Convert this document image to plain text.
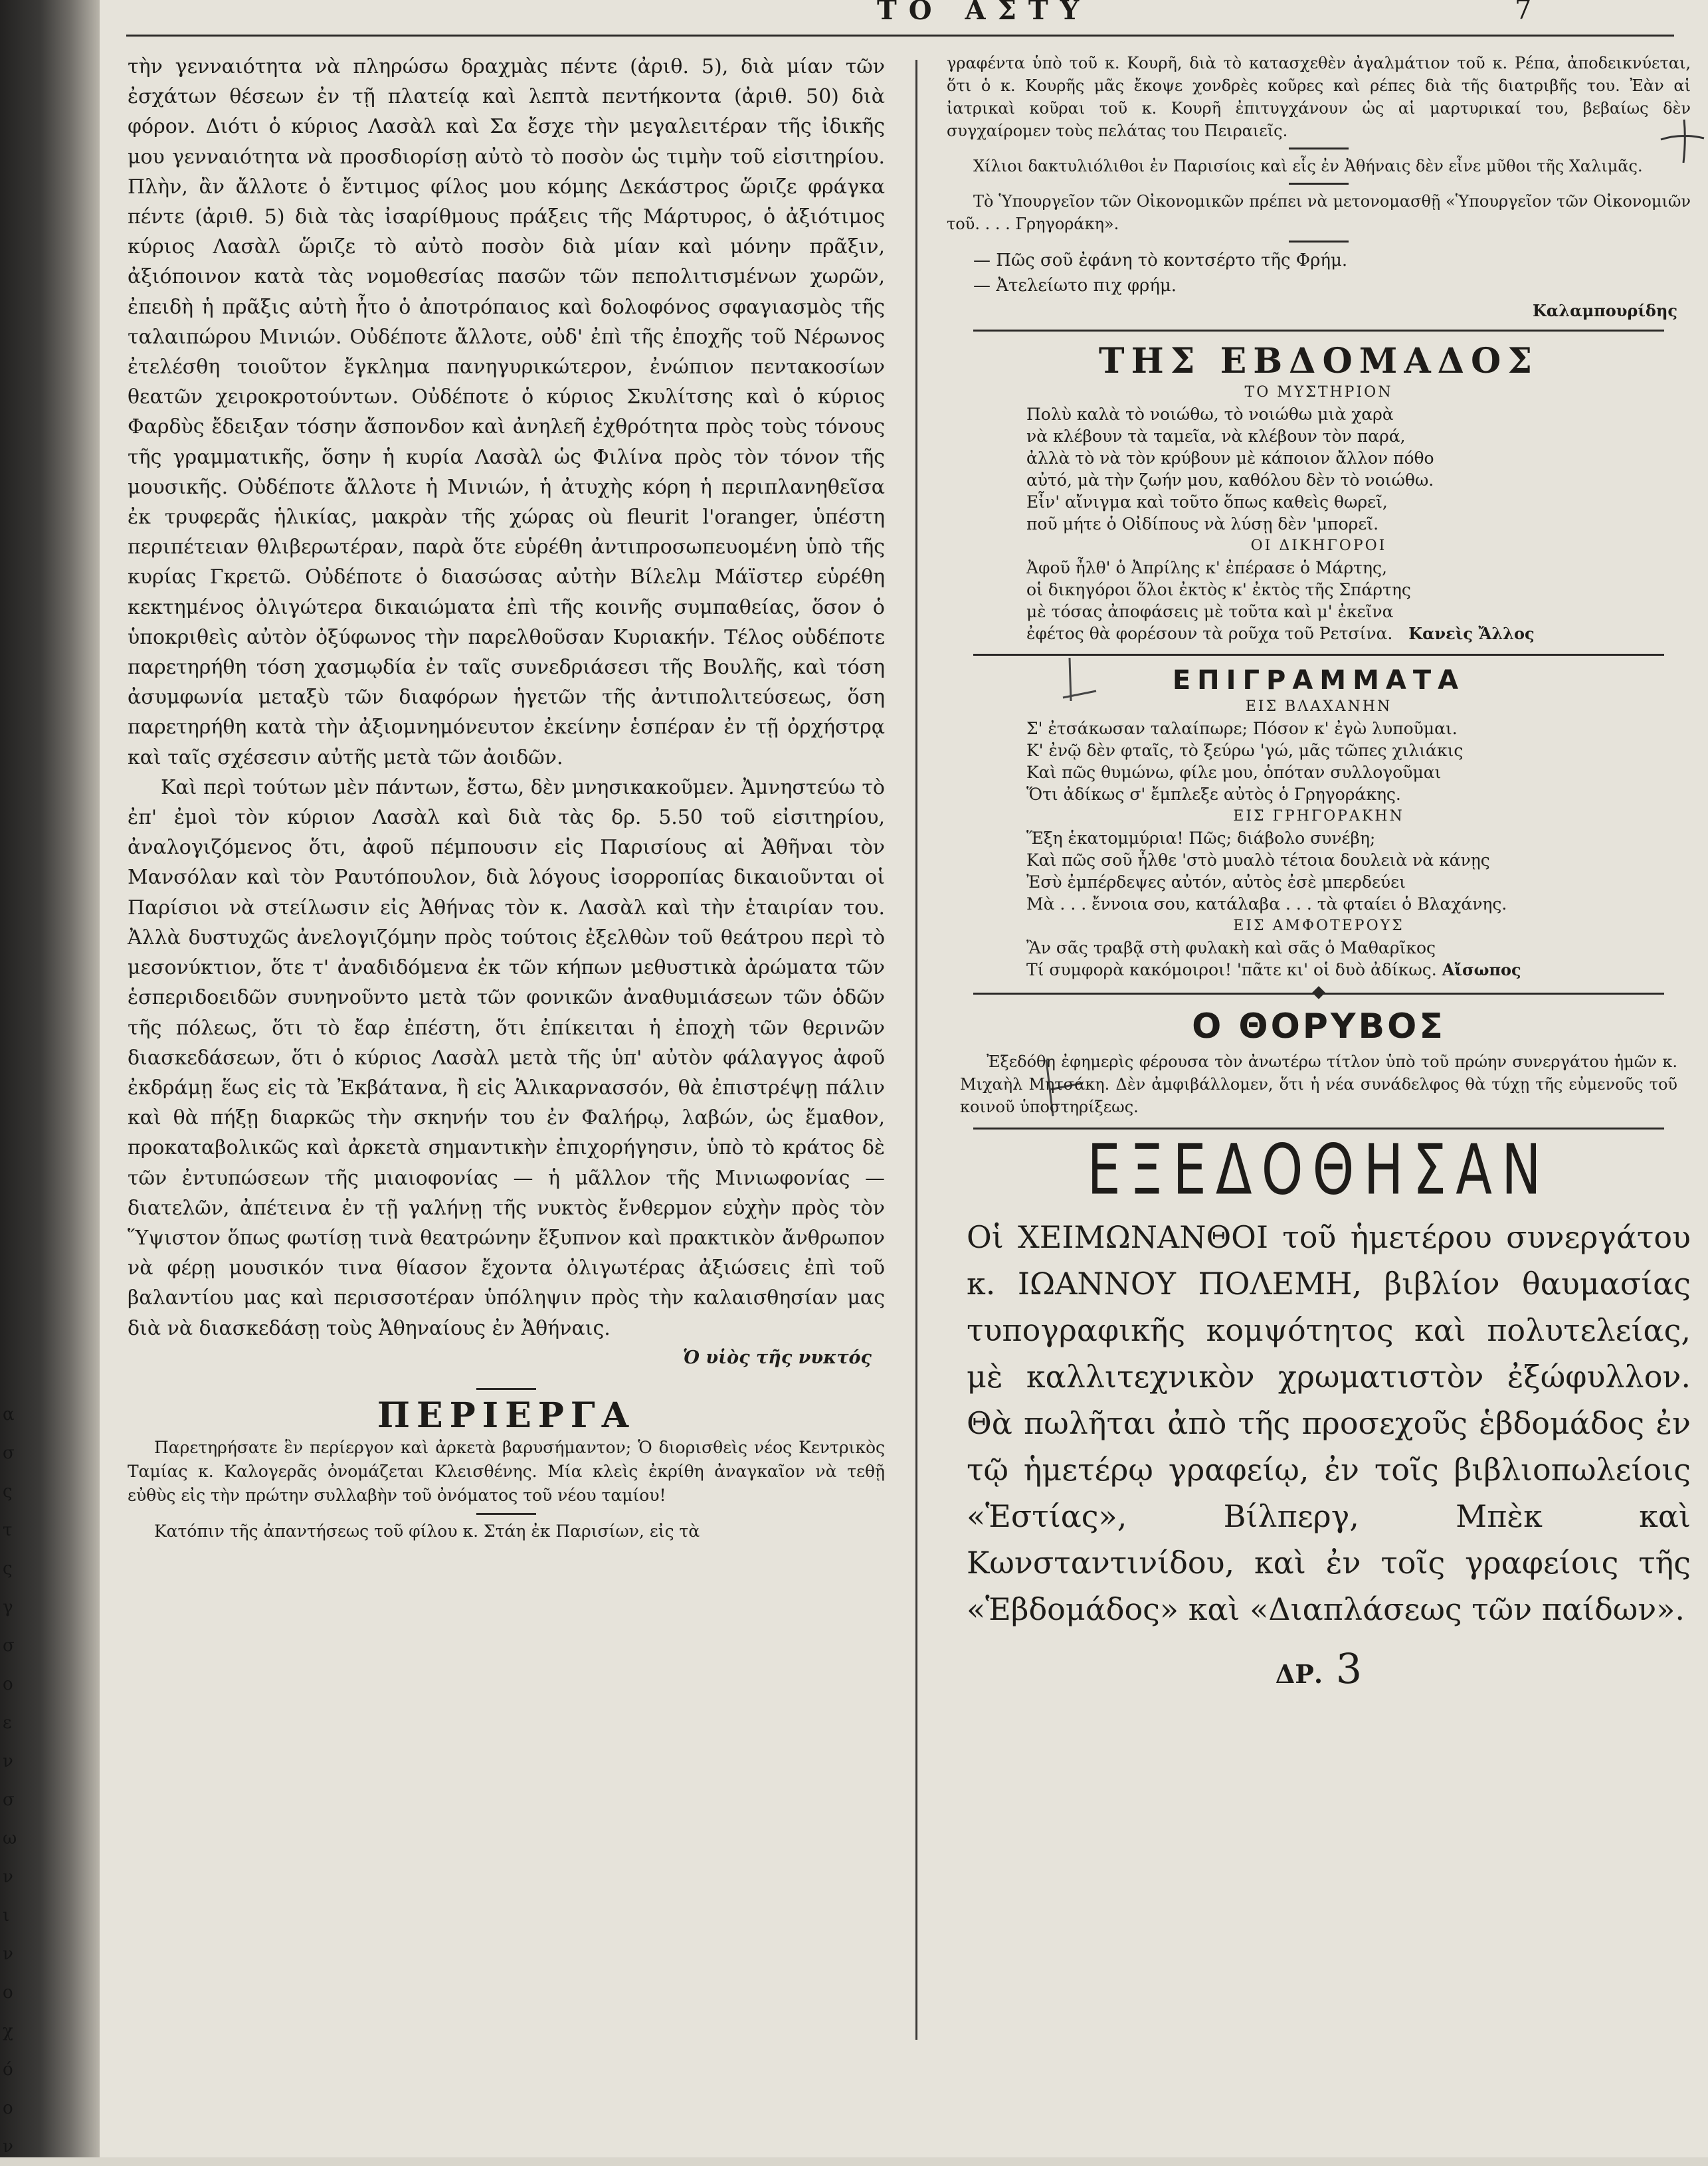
α
σ
ς
τ
ς
γ
σ
ο
ε
ν
σ
ω
ν
ι
ν
ο
χ
ό
ο
ν
ΤΟ ΑΣΤΥ	7

τὴν γενναιότητα νὰ πληρώσω δραχμὰς πέντε (ἀριθ. 5), διὰ μίαν τῶν ἐσχάτων θέσεων ἐν τῇ πλατείᾳ καὶ λεπτὰ πεντήκοντα (ἀριθ. 50) διὰ φόρον. Διότι ὁ κύριος Λασὰλ καὶ Σα ἔσχε τὴν μεγαλειτέραν τῆς ἰδικῆς μου γενναιότητα νὰ προσδιορίσῃ αὐτὸ τὸ ποσὸν ὡς τιμὴν τοῦ εἰσιτηρίου. Πλὴν, ἂν ἄλλοτε ὁ ἔντιμος φίλος μου κόμης Δεκάστρος ὥριζε φράγκα πέντε (ἀριθ. 5) διὰ τὰς ἰσαρίθμους πράξεις τῆς Μάρτυρος, ὁ ἀξιότιμος κύριος Λασὰλ ὥριζε τὸ αὐτὸ ποσὸν διὰ μίαν καὶ μόνην πρᾶξιν, ἀξιόποινον κατὰ τὰς νομοθεσίας πασῶν τῶν πεπολιτισμένων χωρῶν, ἐπειδὴ ἡ πρᾶξις αὐτὴ ἦτο ὁ ἀποτρόπαιος καὶ δολοφόνος σφαγιασμὸς τῆς ταλαιπώρου Μινιών. Οὐδέποτε ἄλλοτε, οὐδ' ἐπὶ τῆς ἐποχῆς τοῦ Νέρωνος ἐτελέσθη τοιοῦτον ἔγκλημα πανηγυρικώτερον, ἐνώπιον πεντακοσίων θεατῶν χειροκροτούντων. Οὐδέποτε ὁ κύριος Σκυλίτσης καὶ ὁ κύριος Φαρδὺς ἔδειξαν τόσην ἄσπονδον καὶ ἀνηλεῆ ἐχθρότητα πρὸς τοὺς τόνους τῆς γραμματικῆς, ὅσην ἡ κυρία Λασὰλ ὡς Φιλίνα πρὸς τὸν τόνον τῆς μουσικῆς. Οὐδέποτε ἄλλοτε ἡ Μινιών, ἡ ἀτυχὴς κόρη ἡ περιπλανηθεῖσα ἐκ τρυφερᾶς ἡλικίας, μακρὰν τῆς χώρας où fleurit l'oranger, ὑπέστη περιπέτειαν θλιβερωτέραν, παρὰ ὅτε εὑρέθη ἀντιπροσωπευομένη ὑπὸ τῆς κυρίας Γκρετῶ. Οὐδέποτε ὁ διασώσας αὐτὴν Βίλελμ Μάϊστερ εὑρέθη κεκτημένος ὀλιγώτερα δικαιώματα ἐπὶ τῆς κοινῆς συμπαθείας, ὅσον ὁ ὑποκριθεὶς αὐτὸν ὀξύφωνος τὴν παρελθοῦσαν Κυριακήν. Τέλος οὐδέποτε παρετηρήθη τόση χασμῳδία ἐν ταῖς συνεδριάσεσι τῆς Βουλῆς, καὶ τόση ἀσυμφωνία μεταξὺ τῶν διαφόρων ἡγετῶν τῆς ἀντιπολιτεύσεως, ὅση παρετηρήθη κατὰ τὴν ἀξιομνημόνευτον ἐκείνην ἑσπέραν ἐν τῇ ὀρχήστρᾳ καὶ ταῖς σχέσεσιν αὐτῆς μετὰ τῶν ἀοιδῶν.

Καὶ περὶ τούτων μὲν πάντων, ἔστω, δὲν μνησικακοῦμεν. Ἀμνηστεύω τὸ ἐπ' ἐμοὶ τὸν κύριον Λασὰλ καὶ διὰ τὰς δρ. 5.50 τοῦ εἰσιτηρίου, ἀναλογιζόμενος ὅτι, ἀφοῦ πέμπουσιν εἰς Παρισίους αἱ Ἀθῆναι τὸν Μανσόλαν καὶ τὸν Ραυτόπουλον, διὰ λόγους ἰσορροπίας δικαιοῦνται οἱ Παρίσιοι νὰ στείλωσιν εἰς Ἀθήνας τὸν κ. Λασὰλ καὶ τὴν ἑταιρίαν του. Ἀλλὰ δυστυχῶς ἀνελογιζόμην πρὸς τούτοις ἐξελθὼν τοῦ θεάτρου περὶ τὸ μεσονύκτιον, ὅτε τ' ἀναδιδόμενα ἐκ τῶν κήπων μεθυστικὰ ἀρώματα τῶν ἑσπεριδοειδῶν συνηνοῦντο μετὰ τῶν φονικῶν ἀναθυμιάσεων τῶν ὁδῶν τῆς πόλεως, ὅτι τὸ ἔαρ ἐπέστη, ὅτι ἐπίκειται ἡ ἐποχὴ τῶν θερινῶν διασκεδάσεων, ὅτι ὁ κύριος Λασὰλ μετὰ τῆς ὑπ' αὐτὸν φάλαγγος ἀφοῦ ἐκδράμῃ ἕως εἰς τὰ Ἐκβάτανα, ἢ εἰς Ἁλικαρνασσόν, θὰ ἐπιστρέψῃ πάλιν καὶ θὰ πήξῃ διαρκῶς τὴν σκηνήν του ἐν Φαλήρῳ, λαβών, ὡς ἔμαθον, προκαταβολικῶς καὶ ἀρκετὰ σημαντικὴν ἐπιχορήγησιν, ὑπὸ τὸ κράτος δὲ τῶν ἐντυπώσεων τῆς μιαιοφονίας — ἡ μᾶλλον τῆς Μινιωφονίας — διατελῶν, ἀπέτεινα ἐν τῇ γαλήνῃ τῆς νυκτὸς ἔνθερμον εὐχὴν πρὸς τὸν Ὕψιστον ὅπως φωτίσῃ τινὰ θεατρώνην ἔξυπνον καὶ πρακτικὸν ἄνθρωπον νὰ φέρῃ μουσικόν τινα θίασον ἔχοντα ὀλιγωτέρας ἀξιώσεις ἐπὶ τοῦ βαλαντίου μας καὶ περισσοτέραν ὑπόληψιν πρὸς τὴν καλαισθησίαν μας διὰ νὰ διασκεδάσῃ τοὺς Ἀθηναίους ἐν Ἀθήναις.

Ὁ υἱὸς τῆς νυκτός

ΠΕΡΙΕΡΓΑ

Παρετηρήσατε ἓν περίεργον καὶ ἀρκετὰ βαρυσήμαντον; Ὁ διορισθεὶς νέος Κεντρικὸς Ταμίας κ. Καλογερᾶς ὀνομάζεται Κλεισθένης. Μία κλεὶς ἐκρίθη ἀναγκαῖον νὰ τεθῇ εὐθὺς εἰς τὴν πρώτην συλλαβὴν τοῦ ὀνόματος τοῦ νέου ταμίου!

Κατόπιν τῆς ἀπαντήσεως τοῦ φίλου κ. Στάη ἐκ Παρισίων, εἰς τὰ

γραφέντα ὑπὸ τοῦ κ. Κουρῆ, διὰ τὸ κατασχεθὲν ἀγαλμάτιον τοῦ κ. Ρέπα, ἀποδεικνύεται, ὅτι ὁ κ. Κουρῆς μᾶς ἔκοψε χονδρὲς κοῦρες καὶ ρέπες διὰ τῆς διατριβῆς του. Ἐὰν αἱ ἰατρικαὶ κοῦραι τοῦ κ. Κουρῆ ἐπιτυγχάνουν ὡς αἱ μαρτυρικαί του, βεβαίως δὲν συγχαίρομεν τοὺς πελάτας του Πειραιεῖς.

Χίλιοι δακτυλιόλιθοι ἐν Παρισίοις καὶ εἷς ἐν Ἀθήναις δὲν εἶνε μῦθοι τῆς Χαλιμᾶς.

Τὸ Ὑπουργεῖον τῶν Οἰκονομικῶν πρέπει νὰ μετονομασθῇ «Ὑπουργεῖον τῶν Οἰκονομιῶν τοῦ. . . . Γρηγοράκη».

— Πῶς σοῦ ἐφάνη τὸ κοντσέρτο τῆς Φρήμ.

— Ἀτελείωτο πιχ φρήμ.

Καλαμπουρίδης

ΤΗΣ ΕΒΔΟΜΑΔΟΣ

ΤΟ ΜΥΣΤΗΡΙΟΝ

Πολὺ καλὰ τὸ νοιώθω, τὸ νοιώθω μιὰ χαρὰ
νὰ κλέβουν τὰ ταμεῖα, νὰ κλέβουν τὸν παρά,
ἀλλὰ τὸ νὰ τὸν κρύβουν μὲ κάποιον ἄλλον πόθο
αὐτό, μὰ τὴν ζωήν μου, καθόλου δὲν τὸ νοιώθω.
Εἶν' αἴνιγμα καὶ τοῦτο ὅπως καθεὶς θωρεῖ,
ποῦ μήτε ὁ Οἰδίπους νὰ λύσῃ δὲν 'μπορεῖ.

ΟΙ ΔΙΚΗΓΟΡΟΙ

Ἀφοῦ ἦλθ' ὁ Ἀπρίλης κ' ἐπέρασε ὁ Μάρτης,
οἱ δικηγόροι ὅλοι ἐκτὸς κ' ἐκτὸς τῆς Σπάρτης
μὲ τόσας ἀποφάσεις μὲ τοῦτα καὶ μ' ἐκεῖνα
ἐφέτος θὰ φορέσουν τὰ ροῦχα τοῦ Ρετσίνα. Κανεὶς Ἄλλος
ΕΠΙΓΡΑΜΜΑΤΑ

ΕΙΣ ΒΛΑΧΑΝΗΝ

Σ' ἐτσάκωσαν ταλαίπωρε; Πόσον κ' ἐγὼ λυποῦμαι.
Κ' ἐνῷ δὲν φταῖς, τὸ ξεύρω 'γώ, μᾶς τῶπες χιλιάκις
Καὶ πῶς θυμώνω, φίλε μου, ὁπόταν συλλογοῦμαι
Ὅτι ἀδίκως σ' ἔμπλεξε αὐτὸς ὁ Γρηγοράκης.

ΕΙΣ ΓΡΗΓΟΡΑΚΗΝ

Ἕξη ἑκατομμύρια! Πῶς; διάβολο συνέβη;
Καὶ πῶς σοῦ ἦλθε 'στὸ μυαλὸ τέτοια δουλειὰ νὰ κάνῃς
Ἐσὺ ἐμπέρδεψες αὐτόν, αὐτὸς ἐσὲ μπερδεύει
Μὰ . . . ἔννοια σου, κατάλαβα . . . τὰ φταίει ὁ Βλαχάνης.

ΕΙΣ ΑΜΦΟΤΕΡΟΥΣ

Ἂν σᾶς τραβᾷ στὴ φυλακὴ καὶ σᾶς ὁ Μαθαρῖκος
Τί συμφορὰ κακόμοιροι! 'πᾶτε κι' οἱ δυὸ ἀδίκως. Αἴσωπος
Ο ΘΟΡΥΒΟΣ

Ἐξεδόθη ἐφημερὶς φέρουσα τὸν ἀνωτέρω τίτλον ὑπὸ τοῦ πρώην συνεργάτου ἡμῶν κ. Μιχαὴλ Μητσάκη. Δὲν ἀμφιβάλλομεν, ὅτι ἡ νέα συνάδελφος θὰ τύχῃ τῆς εὐμενοῦς τοῦ κοινοῦ ὑποστηρίξεως.

ΕΞΕΔΟΘΗΣΑΝ

Οἱ ΧΕΙΜΩΝΑΝΘΟΙ τοῦ ἡμετέρου συνεργάτου κ. ΙΩΑΝΝΟΥ ΠΟΛΕΜΗ, βιβλίον θαυμασίας τυπογραφικῆς κομψότητος καὶ πολυτελείας, μὲ καλλιτεχνικὸν χρωματιστὸν ἐξώφυλλον. Θὰ πωλῆται ἀπὸ τῆς προσεχοῦς ἑβδομάδος ἐν τῷ ἡμετέρῳ γραφείῳ, ἐν τοῖς βιβλιοπωλείοις «Ἑστίας», Βίλπεργ, Μπὲκ καὶ Κωνσταντινίδου, καὶ ἐν τοῖς γραφείοις τῆς «Ἑβδομάδος» καὶ «Διαπλάσεως τῶν παίδων».

ΔΡ. 3
